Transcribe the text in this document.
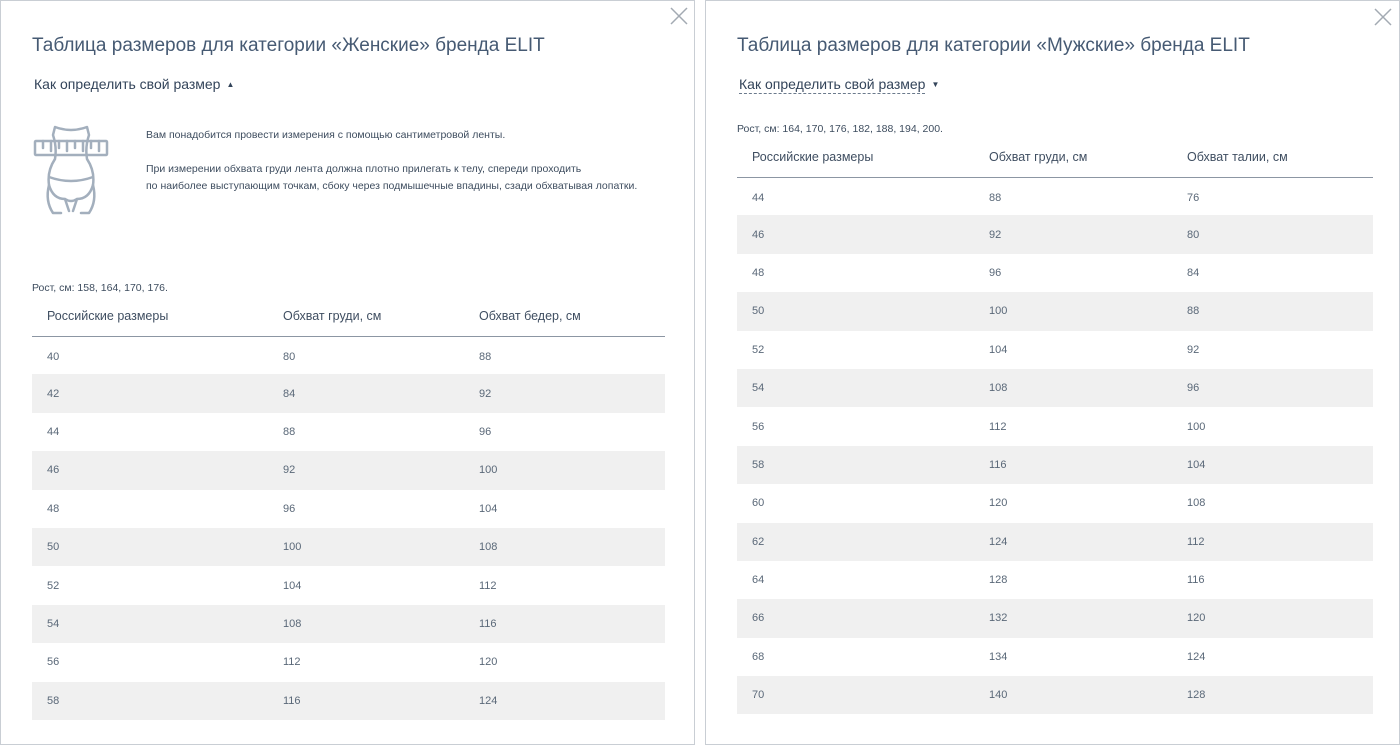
Таблица размеров для категории «Женские» бренда ELIT
Как определить свой размер ▲
Вам понадобится провести измерения с помощью сантиметровой ленты.
При измерении обхвата груди лента должна плотно прилегать к телу, спереди проходить
по наиболее выступающим точкам, сбоку через подмышечные впадины, сзади обхватывая лопатки.
Рост, см: 158, 164, 170, 176.
Российские размеры	Обхват груди, см	Обхват бедер, см
40	80	88
42	84	92
44	88	96
46	92	100
48	96	104
50	100	108
52	104	112
54	108	116
56	112	120
58	116	124
Таблица размеров для категории «Мужские» бренда ELIT
Как определить свой размер ▼
Рост, см: 164, 170, 176, 182, 188, 194, 200.
Российские размеры	Обхват груди, см	Обхват талии, см
44	88	76
46	92	80
48	96	84
50	100	88
52	104	92
54	108	96
56	112	100
58	116	104
60	120	108
62	124	112
64	128	116
66	132	120
68	134	124
70	140	128
